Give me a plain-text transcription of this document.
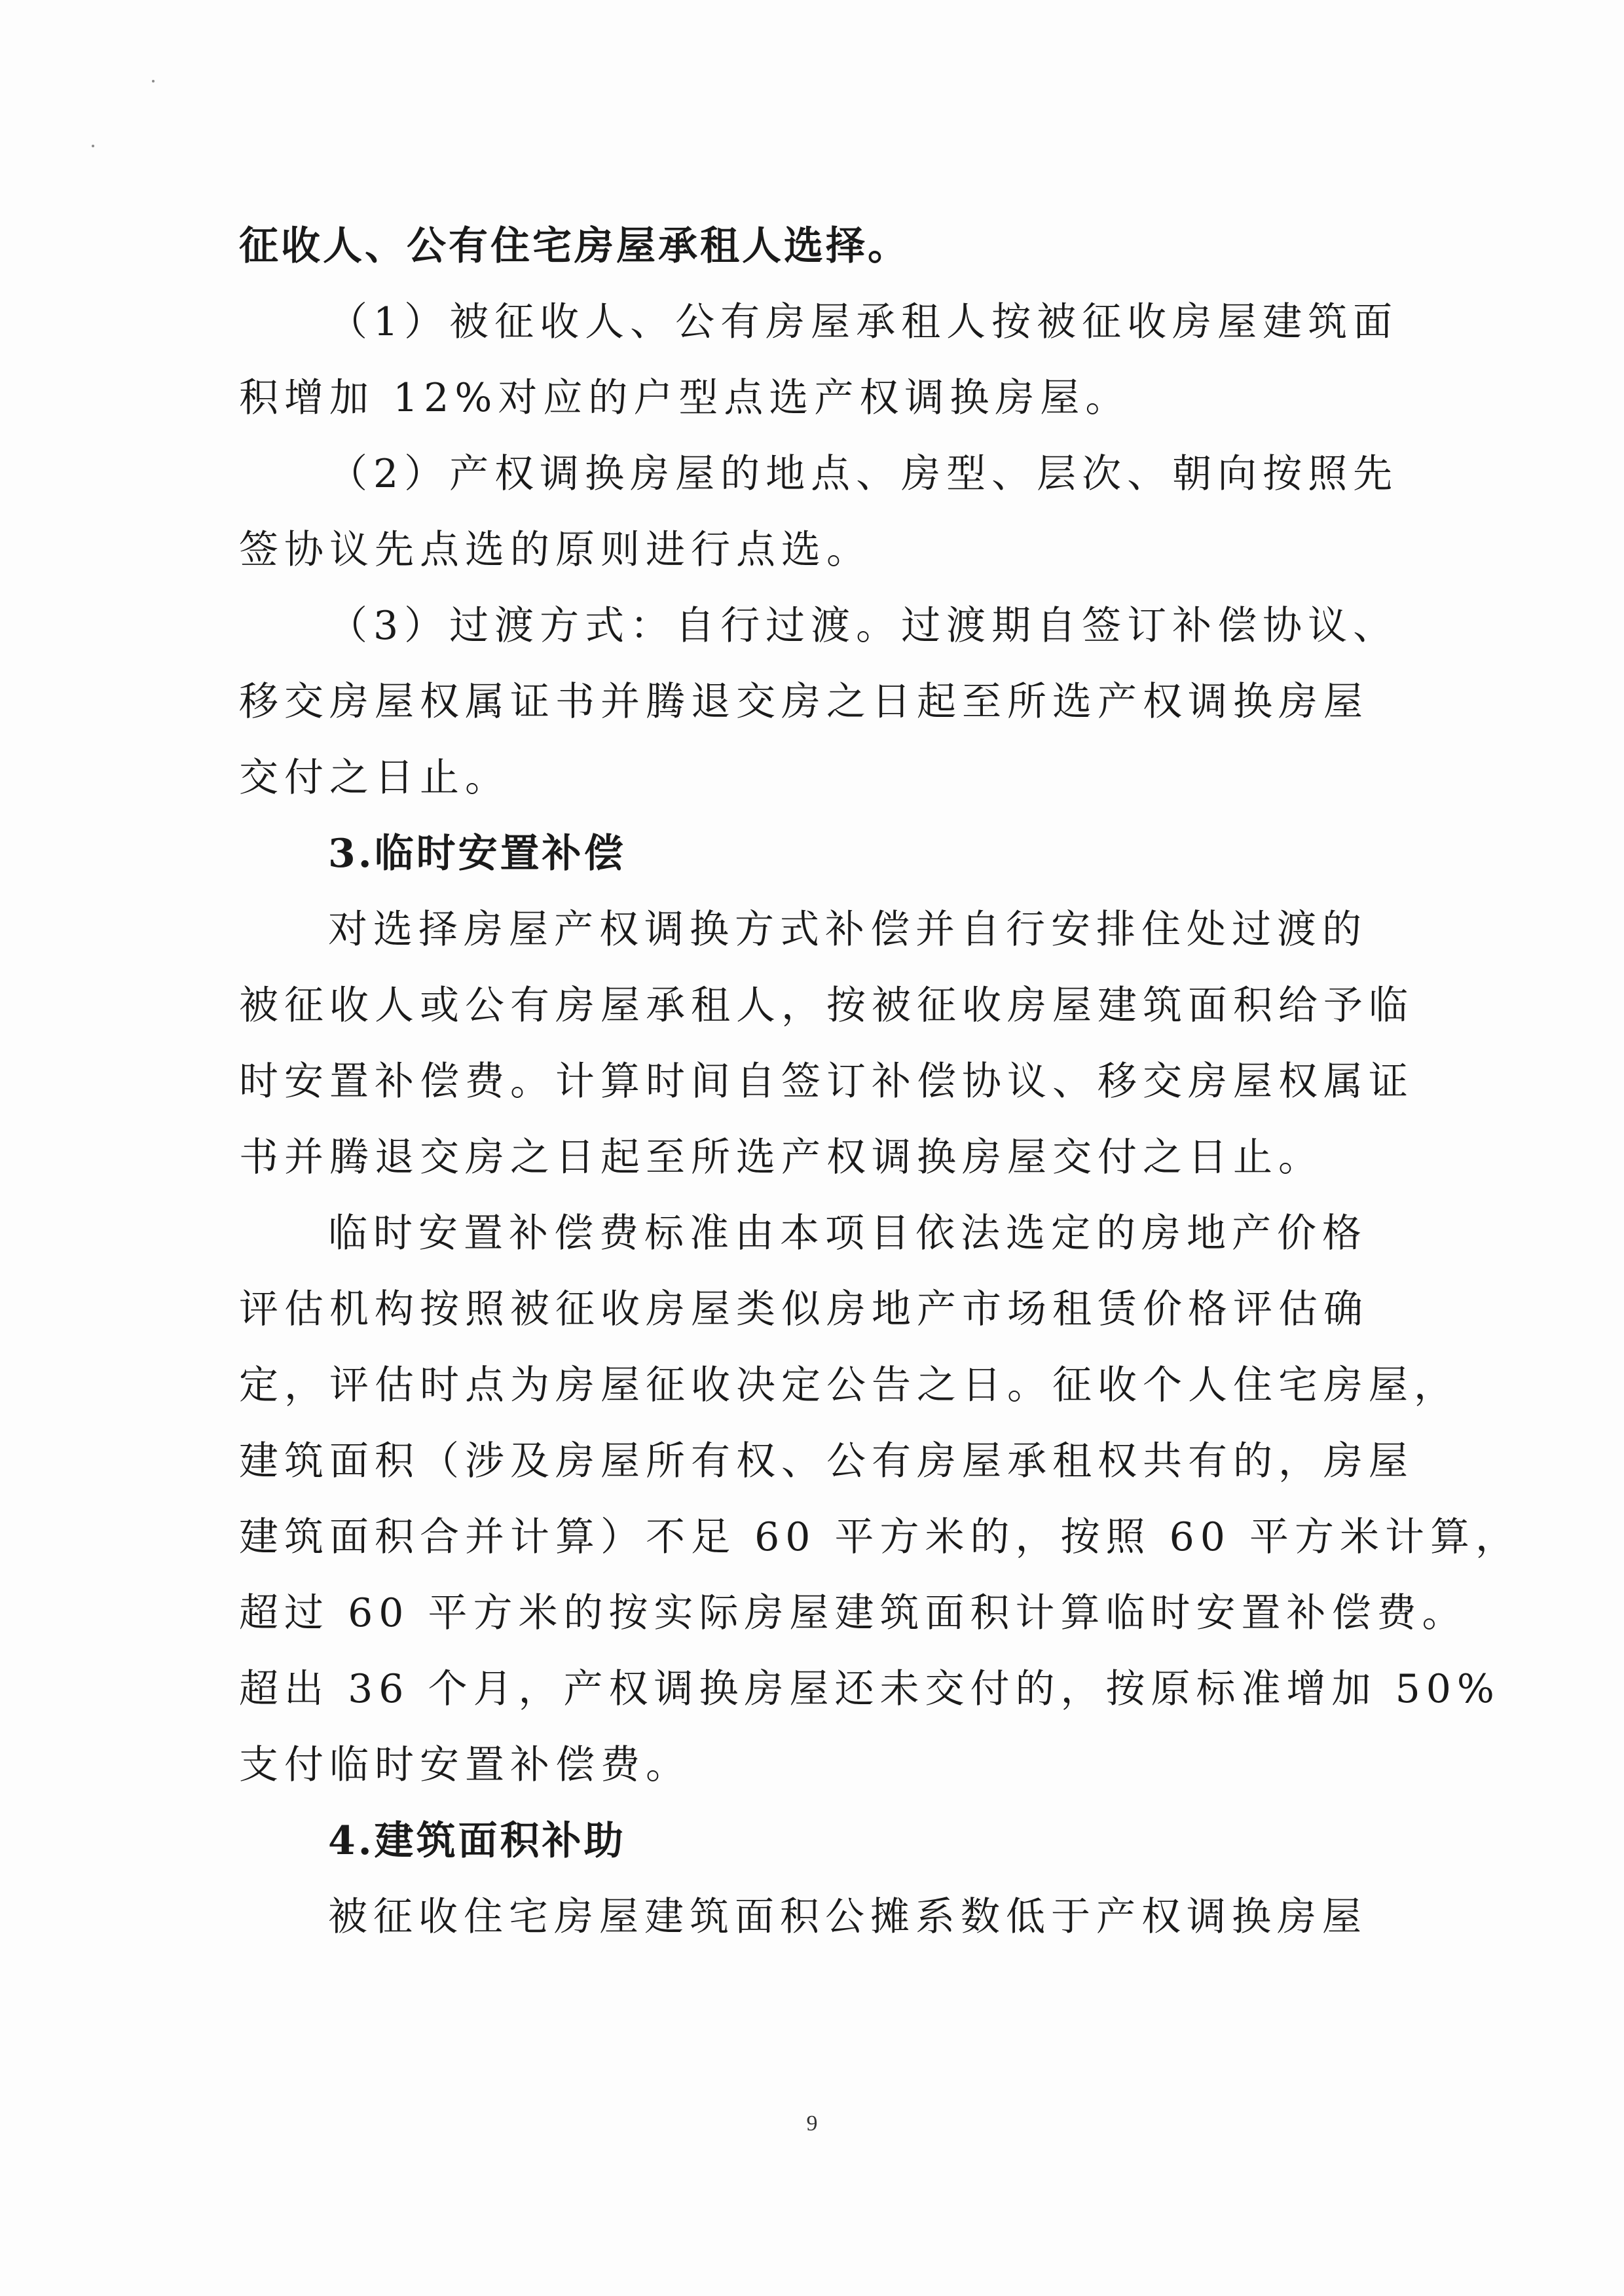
征收人、公有住宅房屋承租人选择。
（1）被征收人、公有房屋承租人按被征收房屋建筑面
积增加 12%对应的户型点选产权调换房屋。
（2）产权调换房屋的地点、房型、层次、朝向按照先
签协议先点选的原则进行点选。
（3）过渡方式：自行过渡。过渡期自签订补偿协议、
移交房屋权属证书并腾退交房之日起至所选产权调换房屋
交付之日止。
3.临时安置补偿
对选择房屋产权调换方式补偿并自行安排住处过渡的
被征收人或公有房屋承租人，按被征收房屋建筑面积给予临
时安置补偿费。计算时间自签订补偿协议、移交房屋权属证
书并腾退交房之日起至所选产权调换房屋交付之日止。
临时安置补偿费标准由本项目依法选定的房地产价格
评估机构按照被征收房屋类似房地产市场租赁价格评估确
定，评估时点为房屋征收决定公告之日。征收个人住宅房屋，
建筑面积（涉及房屋所有权、公有房屋承租权共有的，房屋
建筑面积合并计算）不足 60 平方米的，按照 60 平方米计算，
超过 60 平方米的按实际房屋建筑面积计算临时安置补偿费。
超出 36 个月，产权调换房屋还未交付的，按原标准增加 50%
支付临时安置补偿费。
4.建筑面积补助
被征收住宅房屋建筑面积公摊系数低于产权调换房屋
9
